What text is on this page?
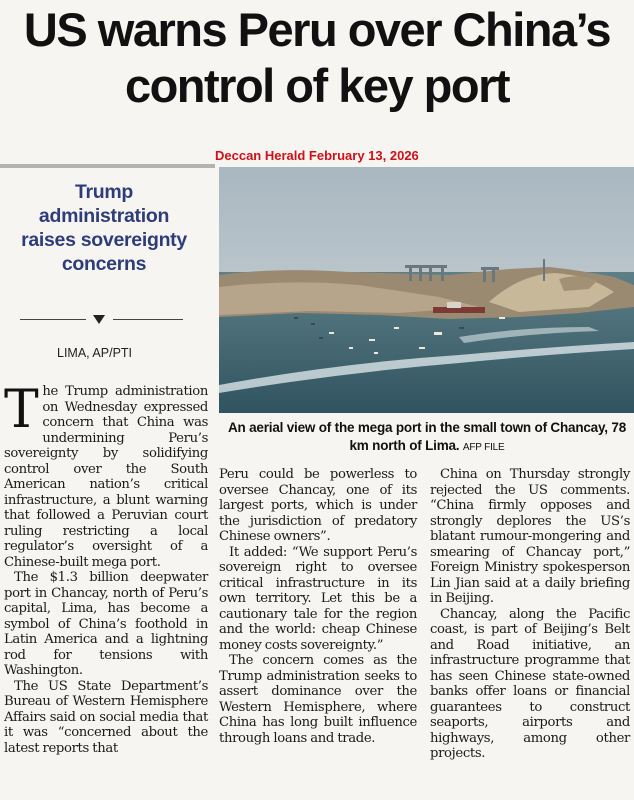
US warns Peru over China’s
control of key port
Deccan Herald February 13, 2026
Trump
administration
raises sovereignty
concerns
LIMA, AP/PTI
An aerial view of the mega port in the small town of Chancay, 78 km north of Lima. AFP FILE

The Trump administration on Wednesday expressed concern that China was undermining Peru’s sovereignty by solidifying control over the South American nation’s critical infrastructure, a blunt warning that followed a Peruvian court ruling restricting a local regulator’s oversight of a Chinese-built mega port.

The $1.3 billion deepwater port in Chancay, north of Peru’s capital, Lima, has become a symbol of China’s foothold in Latin America and a lightning rod for tensions with Washington.

The US State Department’s Bureau of Western Hemisphere Affairs said on social media that it was “concerned about the latest reports that

Peru could be powerless to oversee Chancay, one of its largest ports, which is under the jurisdiction of predatory Chinese owners”.

It added: “We support Peru’s sovereign right to oversee critical infrastructure in its own territory. Let this be a cautionary tale for the region and the world: cheap Chinese money costs sovereignty.”

The concern comes as the Trump administration seeks to assert dominance over the Western Hemisphere, where China has long built influence through loans and trade.

China on Thursday strongly rejected the US comments. “China firmly opposes and strongly deplores the US’s blatant rumour-mongering and smearing of Chancay port,” Foreign Ministry spokesperson Lin Jian said at a daily briefing in Beijing.

Chancay, along the Pacific coast, is part of Beijing’s Belt and Road initiative, an infrastructure programme that has seen Chinese state-owned banks offer loans or financial guarantees to construct seaports, airports and highways, among other projects.
